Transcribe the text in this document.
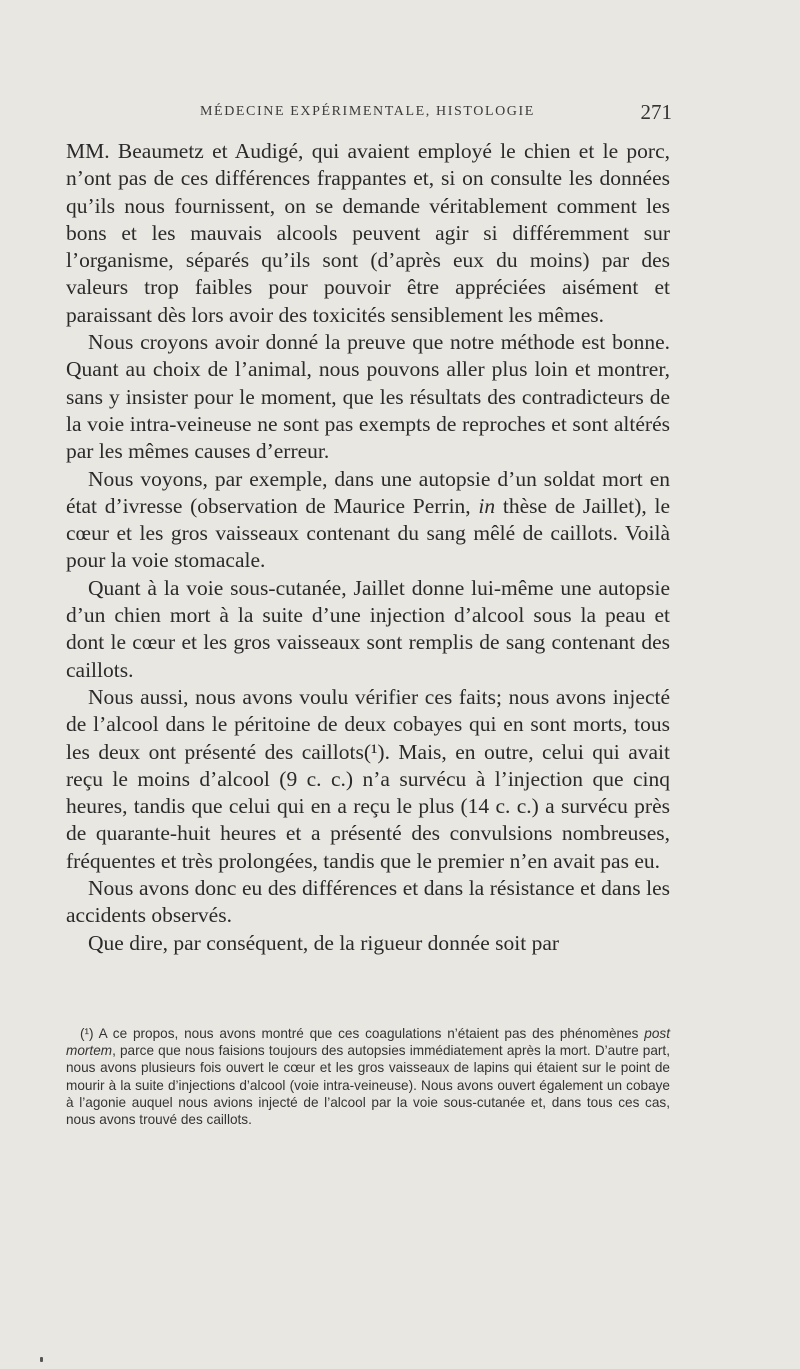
MÉDECINE EXPÉRIMENTALE, HISTOLOGIE	271

MM. Beaumetz et Audigé, qui avaient employé le chien et le porc, n’ont pas de ces différences frappantes et, si on consulte les données qu’ils nous fournissent, on se demande véritablement comment les bons et les mauvais alcools peuvent agir si différemment sur l’organisme, séparés qu’ils sont (d’après eux du moins) par des valeurs trop faibles pour pouvoir être appréciées aisément et paraissant dès lors avoir des toxicités sensiblement les mêmes.

Nous croyons avoir donné la preuve que notre méthode est bonne. Quant au choix de l’animal, nous pouvons aller plus loin et montrer, sans y insister pour le moment, que les résultats des contradicteurs de la voie intra-veineuse ne sont pas exempts de reproches et sont altérés par les mêmes causes d’erreur.

Nous voyons, par exemple, dans une autopsie d’un soldat mort en état d’ivresse (observation de Maurice Perrin, in thèse de Jaillet), le cœur et les gros vaisseaux contenant du sang mêlé de caillots. Voilà pour la voie stomacale.

Quant à la voie sous-cutanée, Jaillet donne lui-même une autopsie d’un chien mort à la suite d’une injection d’alcool sous la peau et dont le cœur et les gros vaisseaux sont remplis de sang contenant des caillots.

Nous aussi, nous avons voulu vérifier ces faits; nous avons injecté de l’alcool dans le péritoine de deux cobayes qui en sont morts, tous les deux ont présenté des caillots(¹). Mais, en outre, celui qui avait reçu le moins d’alcool (9 c. c.) n’a survécu à l’injection que cinq heures, tandis que celui qui en a reçu le plus (14 c. c.) a survécu près de quarante-huit heures et a présenté des convulsions nombreuses, fréquentes et très prolongées, tandis que le premier n’en avait pas eu.

Nous avons donc eu des différences et dans la résistance et dans les accidents observés.

Que dire, par conséquent, de la rigueur donnée soit par

(¹) A ce propos, nous avons montré que ces coagulations n’étaient pas des phénomènes post mortem, parce que nous faisions toujours des autopsies immédiatement après la mort. D’autre part, nous avons plusieurs fois ouvert le cœur et les gros vaisseaux de lapins qui étaient sur le point de mourir à la suite d’injections d’alcool (voie intra-veineuse). Nous avons ouvert également un cobaye à l’agonie auquel nous avions injecté de l’alcool par la voie sous-cutanée et, dans tous ces cas, nous avons trouvé des caillots.
